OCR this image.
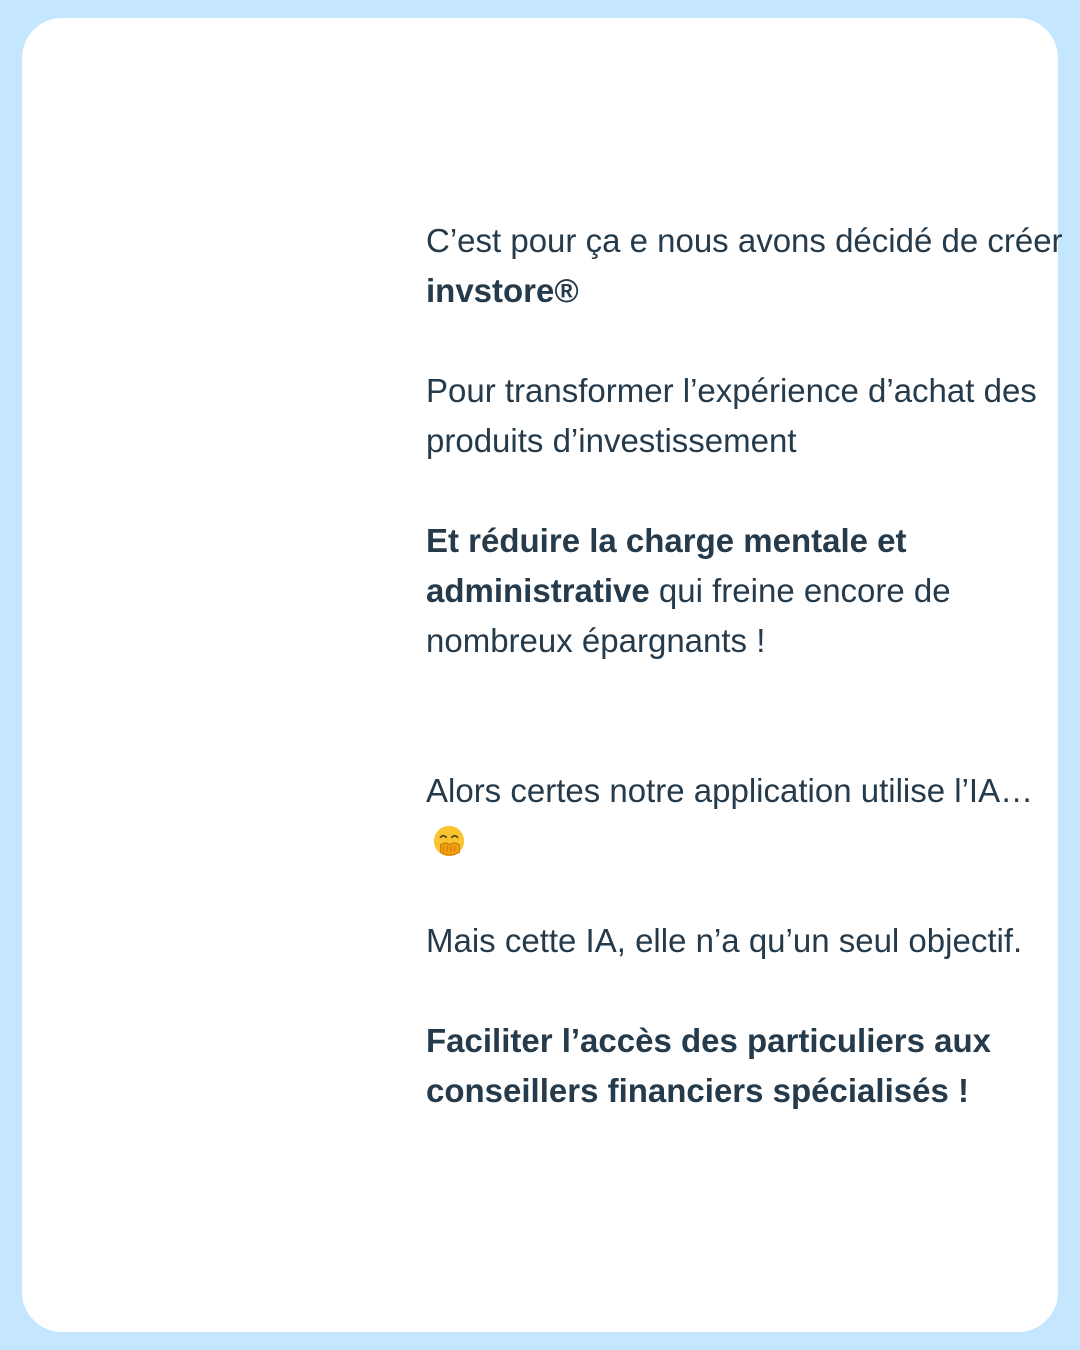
C’est pour ça e nous avons décidé de créer invstore®

Pour transformer l’expérience d’achat des produits d’investissement

Et réduire la charge mentale et administrative qui freine encore de nombreux épargnants !

Alors certes notre application utilise l’IA…

Mais cette IA, elle n’a qu’un seul objectif.

Faciliter l’accès des particuliers aux conseillers financiers spécialisés !
